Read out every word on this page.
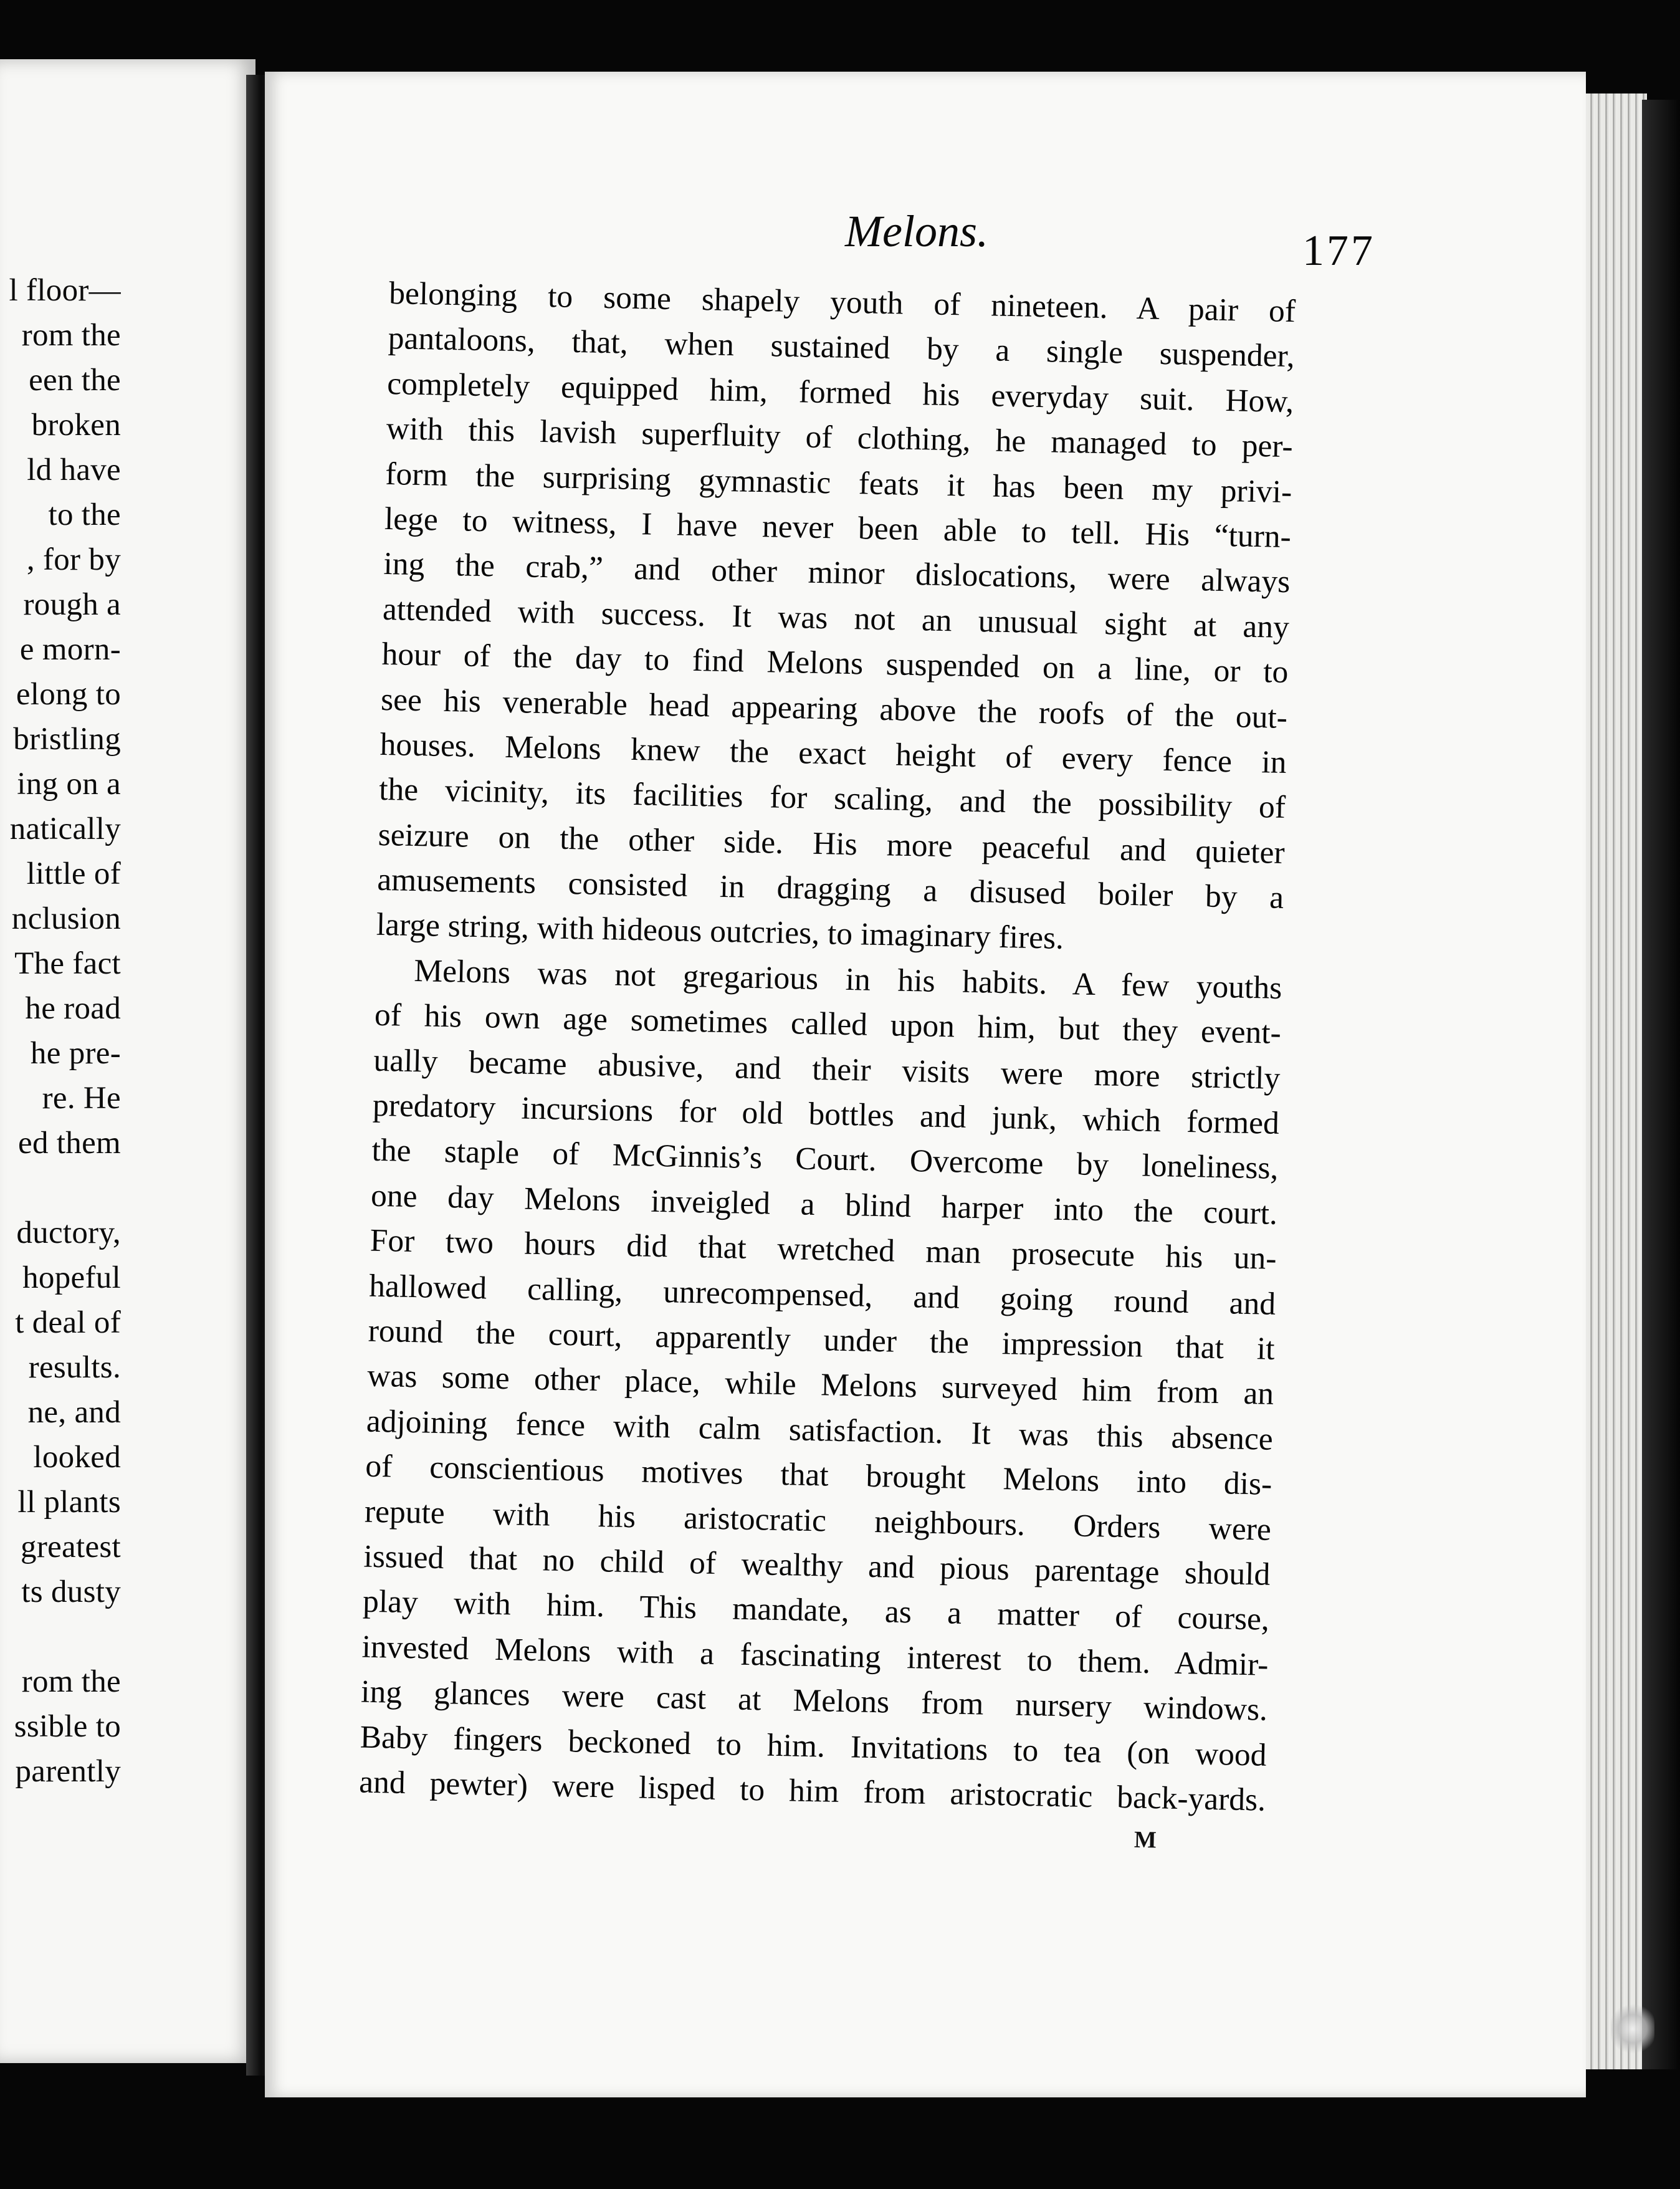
l floor—
rom the
een the
broken
ld have
to the
, for by
rough a
e morn-
elong to
bristling
ing on a
natically
little of
nclusion
The fact
he road
he pre-
re. He
ed them
ductory,
hopeful
t deal of
results.
ne, and
looked
ll plants
greatest
ts dusty
rom the
ssible to
parently
Melons.	177
belonging to some shapely youth of nineteen. A pair of
pantaloons, that, when sustained by a single suspender,
completely equipped him, formed his everyday suit. How,
with this lavish superfluity of clothing, he managed to per-
form the surprising gymnastic feats it has been my privi-
lege to witness, I have never been able to tell. His “turn-
ing the crab,” and other minor dislocations, were always
attended with success. It was not an unusual sight at any
hour of the day to find Melons suspended on a line, or to
see his venerable head appearing above the roofs of the out-
houses. Melons knew the exact height of every fence in
the vicinity, its facilities for scaling, and the possibility of
seizure on the other side. His more peaceful and quieter
amusements consisted in dragging a disused boiler by a
large string, with hideous outcries, to imaginary fires.
Melons was not gregarious in his habits. A few youths
of his own age sometimes called upon him, but they event-
ually became abusive, and their visits were more strictly
predatory incursions for old bottles and junk, which formed
the staple of McGinnis’s Court. Overcome by loneliness,
one day Melons inveigled a blind harper into the court.
For two hours did that wretched man prosecute his un-
hallowed calling, unrecompensed, and going round and
round the court, apparently under the impression that it
was some other place, while Melons surveyed him from an
adjoining fence with calm satisfaction. It was this absence
of conscientious motives that brought Melons into dis-
repute with his aristocratic neighbours. Orders were
issued that no child of wealthy and pious parentage should
play with him. This mandate, as a matter of course,
invested Melons with a fascinating interest to them. Admir-
ing glances were cast at Melons from nursery windows.
Baby fingers beckoned to him. Invitations to tea (on wood
and pewter) were lisped to him from aristocratic back-yards.
M
